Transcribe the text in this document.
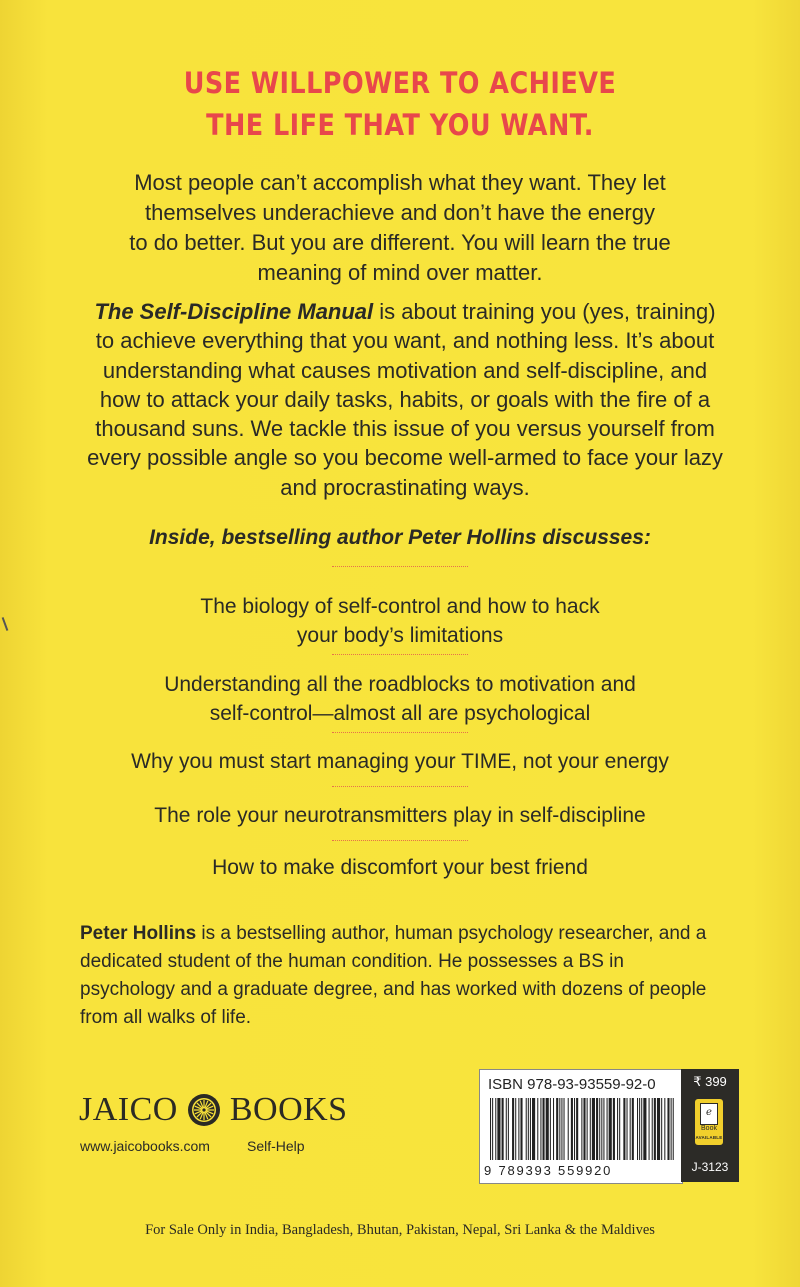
USE WILLPOWER TO ACHIEVE
THE LIFE THAT YOU WANT.
Most people can’t accomplish what they want. They let
themselves underachieve and don’t have the energy
to do better. But you are different. You will learn the true
meaning of mind over matter.
The Self-Discipline Manual is about training you (yes, training)
to achieve everything that you want, and nothing less. It’s about
understanding what causes motivation and self-discipline, and
how to attack your daily tasks, habits, or goals with the fire of a
thousand suns. We tackle this issue of you versus yourself from
every possible angle so you become well-armed to face your lazy
and procrastinating ways.
Inside, bestselling author Peter Hollins discusses:
The biology of self-control and how to hack
your body’s limitations
Understanding all the roadblocks to motivation and
self-control—almost all are psychological
Why you must start managing your TIME, not your energy
The role your neurotransmitters play in self-discipline
How to make discomfort your best friend
Peter Hollins is a bestselling author, human psychology researcher, and a dedicated student of the human condition. He possesses a BS in psychology and a graduate degree, and has worked with dozens of people from all walks of life.
JAICO BOOKS
www.jaicobooks.com	Self-Help
ISBN 978-93-93559-92-0
9 789393 559920
₹ 399
e
Book
AVAILABLE
J-3123
For Sale Only in India, Bangladesh, Bhutan, Pakistan, Nepal, Sri Lanka & the Maldives
